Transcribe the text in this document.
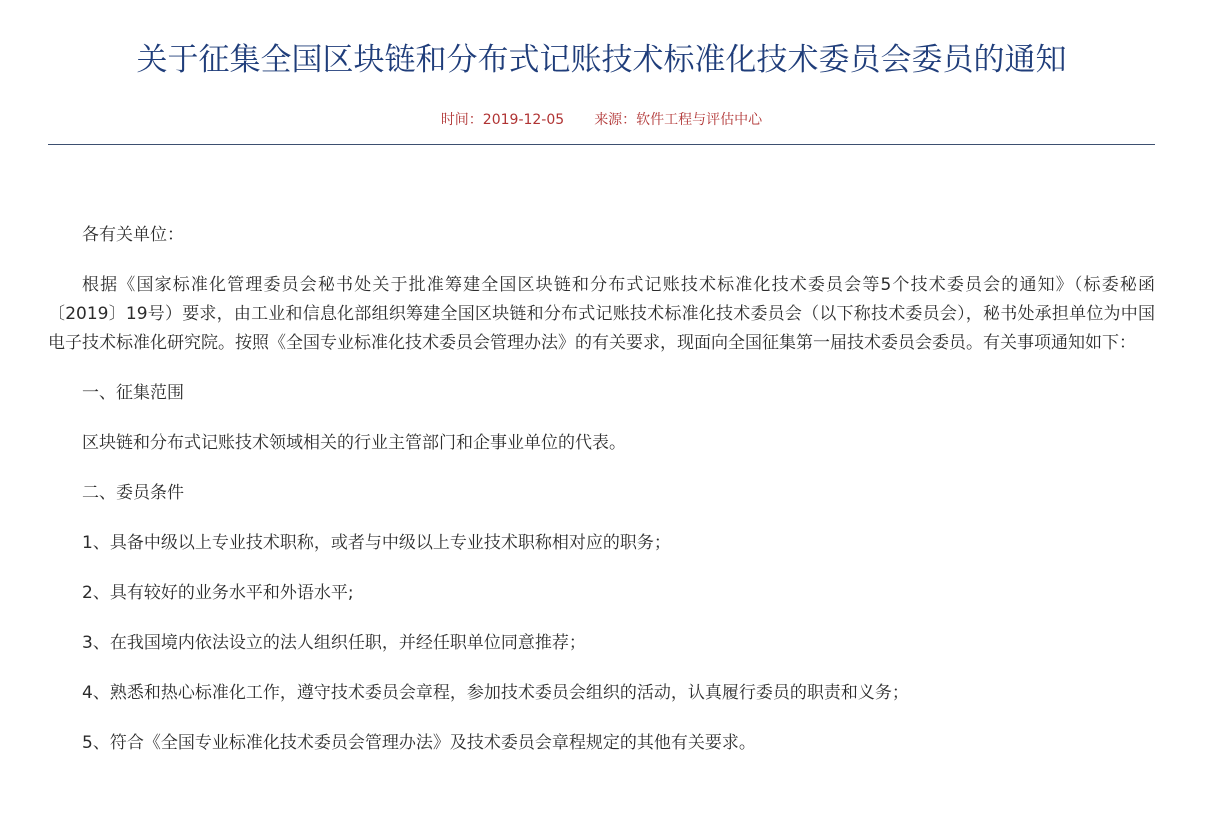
关于征集全国区块链和分布式记账技术标准化技术委员会委员的通知
时间：2019-12-05 来源：软件工程与评估中心

各有关单位：

根据《国家标准化管理委员会秘书处关于批准筹建全国区块链和分布式记账技术标准化技术委员会等5个技术委员会的通知》（标委秘函〔2019〕19号）要求，由工业和信息化部组织筹建全国区块链和分布式记账技术标准化技术委员会（以下称技术委员会），秘书处承担单位为中国电子技术标准化研究院。按照《全国专业标准化技术委员会管理办法》的有关要求，现面向全国征集第一届技术委员会委员。有关事项通知如下：

一、征集范围

区块链和分布式记账技术领域相关的行业主管部门和企事业单位的代表。

二、委员条件

1、具备中级以上专业技术职称，或者与中级以上专业技术职称相对应的职务；

2、具有较好的业务水平和外语水平;

3、在我国境内依法设立的法人组织任职，并经任职单位同意推荐；

4、熟悉和热心标准化工作，遵守技术委员会章程，参加技术委员会组织的活动，认真履行委员的职责和义务；

5、符合《全国专业标准化技术委员会管理办法》及技术委员会章程规定的其他有关要求。
